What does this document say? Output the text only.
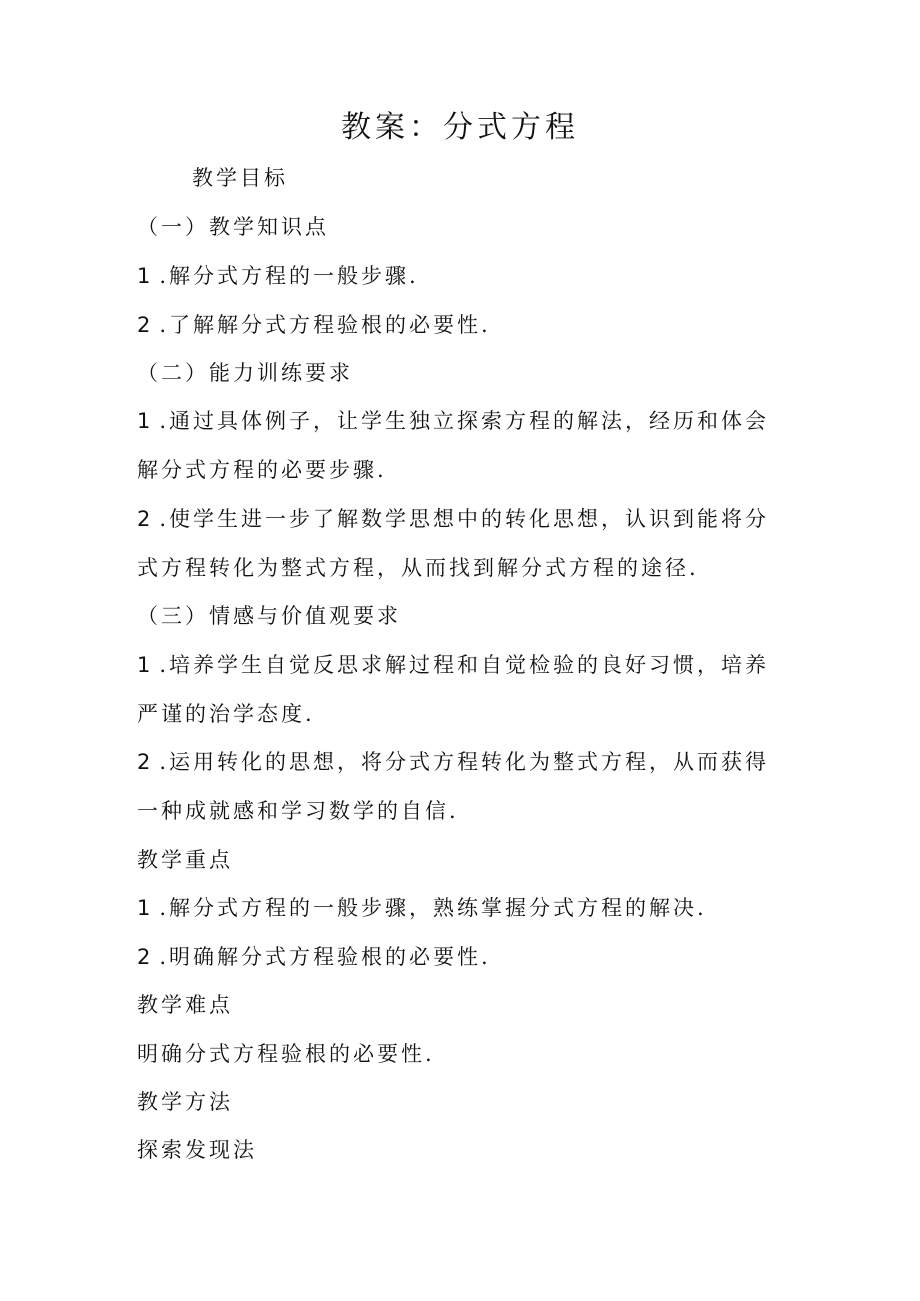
教案：分式方程
教学目标
（一）教学知识点
1 .解分式方程的一般步骤.
2 .了解解分式方程验根的必要性.
（二）能力训练要求
1 .通过具体例子，让学生独立探索方程的解法，经历和体会
解分式方程的必要步骤.
2 .使学生进一步了解数学思想中的转化思想，认识到能将分
式方程转化为整式方程，从而找到解分式方程的途径.
（三）情感与价值观要求
1 .培养学生自觉反思求解过程和自觉检验的良好习惯，培养
严谨的治学态度.
2 .运用转化的思想，将分式方程转化为整式方程，从而获得
一种成就感和学习数学的自信.
教学重点
1 .解分式方程的一般步骤，熟练掌握分式方程的解决.
2 .明确解分式方程验根的必要性.
教学难点
明确分式方程验根的必要性.
教学方法
探索发现法
